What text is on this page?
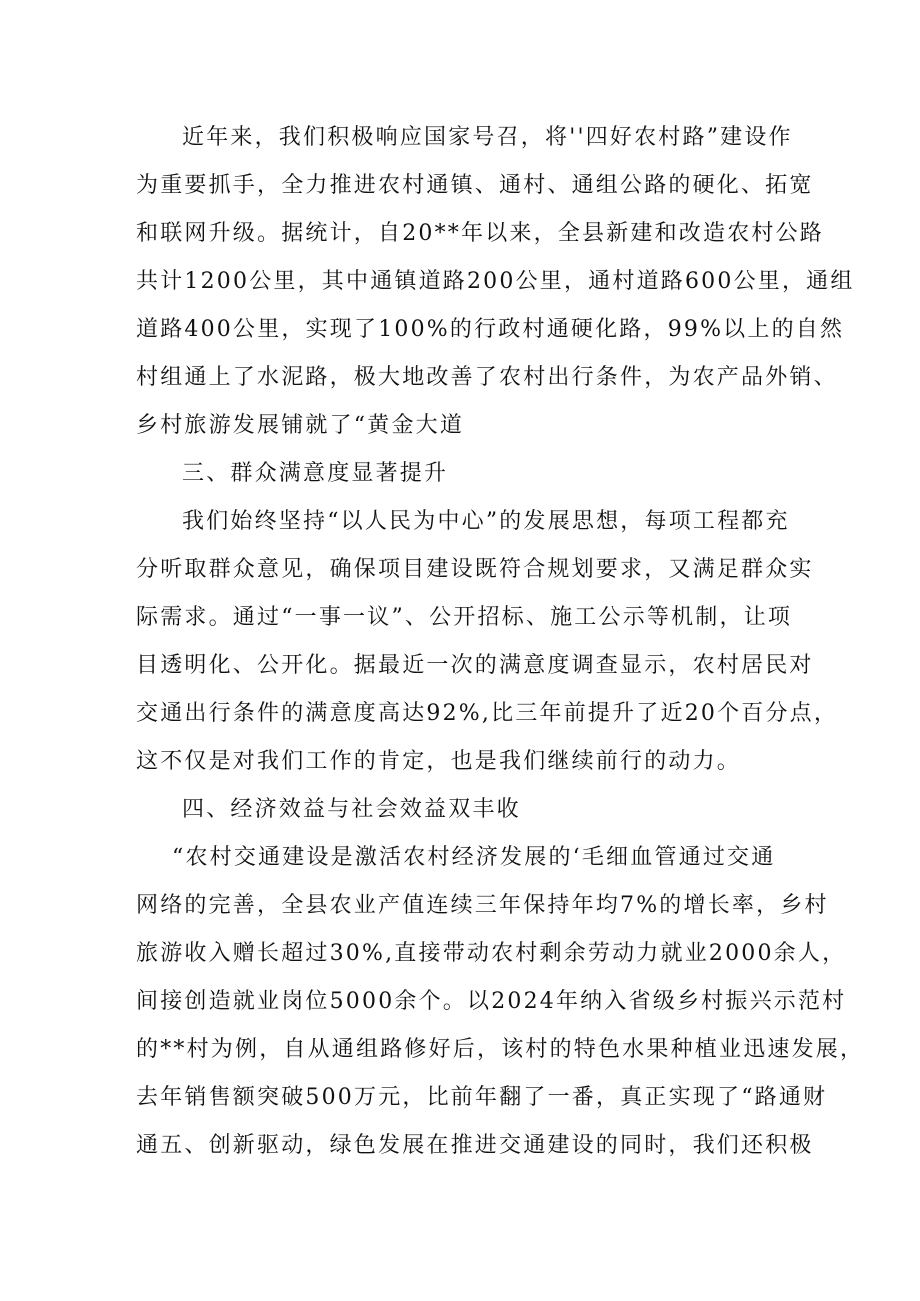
近年来，我们积极响应国家号召，将''四好农村路”建设作
为重要抓手，全力推进农村通镇、通村、通组公路的硬化、拓宽
和联网升级。据统计，自20**年以来，全县新建和改造农村公路
共计1200公里，其中通镇道路200公里，通村道路600公里，通组
道路400公里，实现了100%的行政村通硬化路，99%以上的自然
村组通上了水泥路，极大地改善了农村出行条件，为农产品外销、
乡村旅游发展铺就了“黄金大道
三、群众满意度显著提升
我们始终坚持“以人民为中心”的发展思想，每项工程都充
分听取群众意见，确保项目建设既符合规划要求，又满足群众实
际需求。通过“一事一议”、公开招标、施工公示等机制，让项
目透明化、公开化。据最近一次的满意度调查显示，农村居民对
交通出行条件的满意度高达92%,比三年前提升了近20个百分点，
这不仅是对我们工作的肯定，也是我们继续前行的动力。
四、经济效益与社会效益双丰收
“农村交通建设是激活农村经济发展的‘毛细血管通过交通
网络的完善，全县农业产值连续三年保持年均7%的增长率，乡村
旅游收入赠长超过30%,直接带动农村剩余劳动力就业2000余人，
间接创造就业岗位5000余个。以2024年纳入省级乡村振兴示范村
的**村为例，自从通组路修好后，该村的特色水果种植业迅速发展，
去年销售额突破500万元，比前年翻了一番，真正实现了“路通财
通五、创新驱动，绿色发展在推进交通建设的同时，我们还积极
